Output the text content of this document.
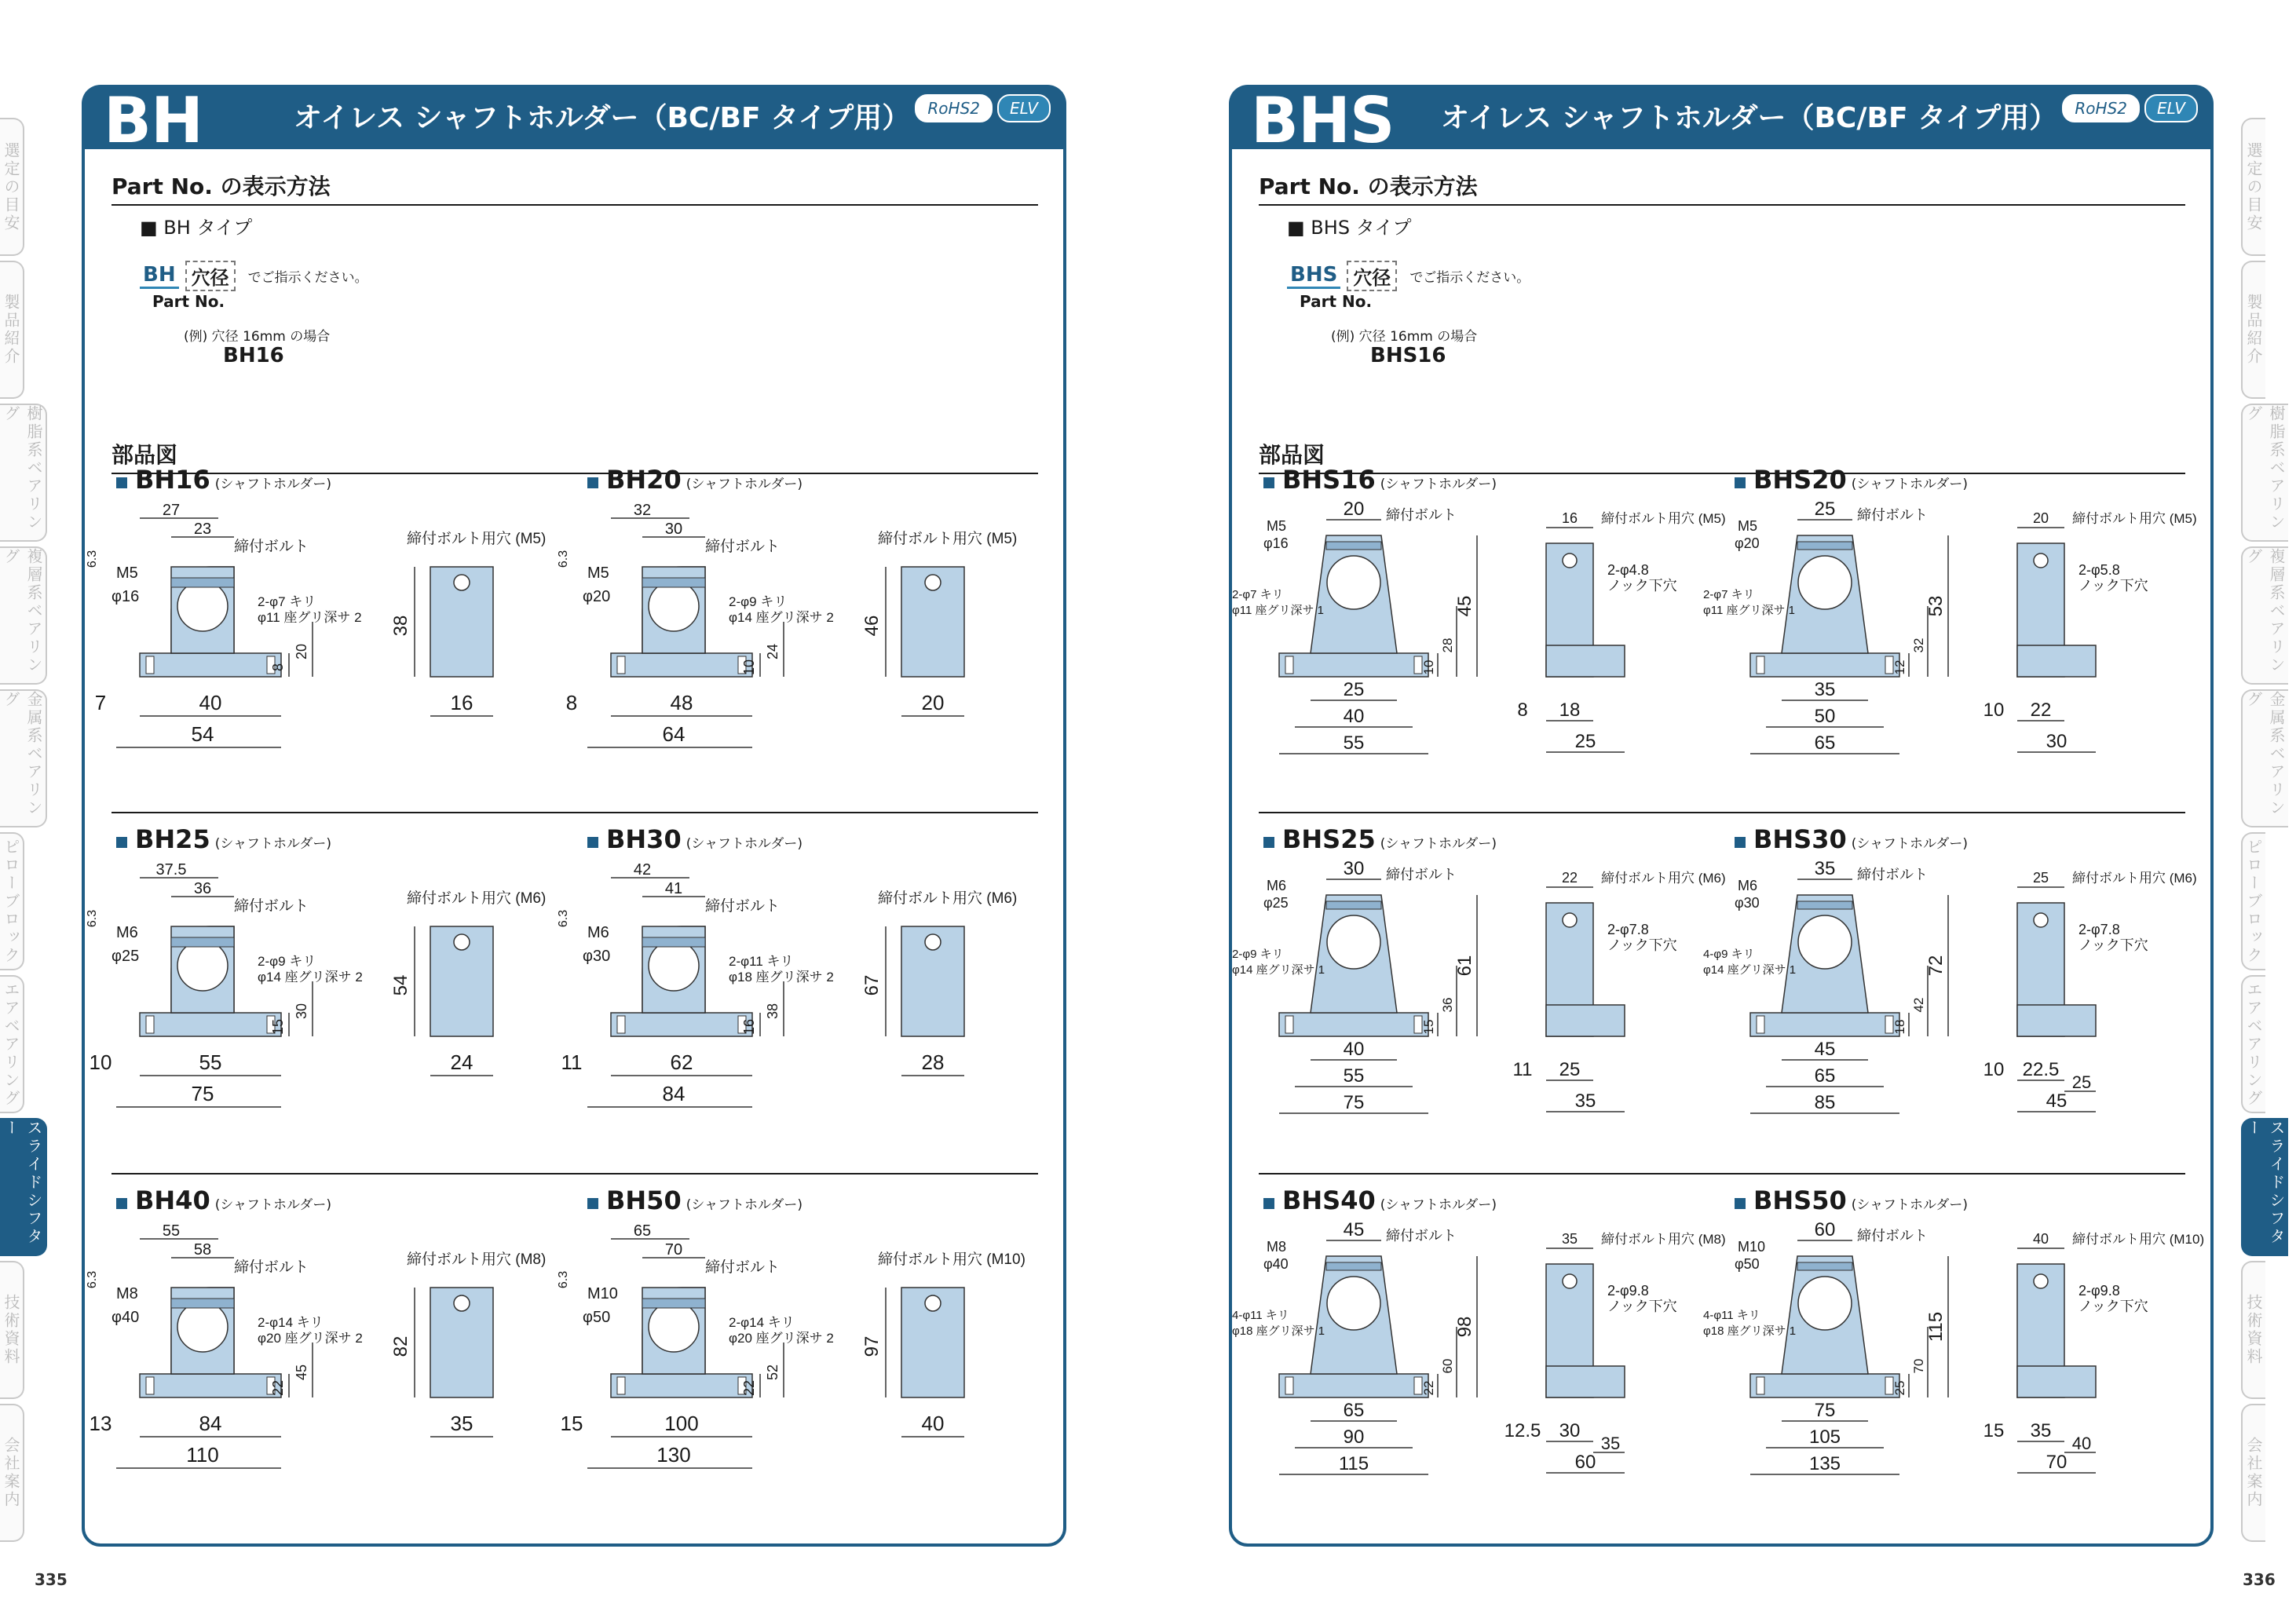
選定の目安
製品紹介
樹脂系ベアリング
複層系ベアリング
金属系ベアリング
ピローブロック
エアベアリング
スライドシフター
技術資料
会社案内
選定の目安
製品紹介
樹脂系ベアリング
複層系ベアリング
金属系ベアリング
ピローブロック
エアベアリング
スライドシフター
技術資料
会社案内
335	336
BH	オイレス シャフトホルダー（BC/BF タイプ用）	RoHS2	ELV
Part No. の表示方法
■ BH タイプ
BH 穴径	でご指示ください。
Part No.
(例) 穴径 16mm の場合
BH16
部品図
BH16 (シャフトホルダー)
6.3
27
23
M5
φ16
締付ボルト
2-φ7 キリ
φ11 座グリ深サ 2
8
20
40
54
7
締付ボルト用穴 (M5)
38
16
BH20 (シャフトホルダー)
6.3
32
30
M5
φ20
締付ボルト
2-φ9 キリ
φ14 座グリ深サ 2
10
24
48
64
8
締付ボルト用穴 (M5)
46
20
BH25 (シャフトホルダー)
6.3
37.5
36
M6
φ25
締付ボルト
2-φ9 キリ
φ14 座グリ深サ 2
15
30
55
75
10
締付ボルト用穴 (M6)
54
24
BH30 (シャフトホルダー)
6.3
42
41
M6
φ30
締付ボルト
2-φ11 キリ
φ18 座グリ深サ 2
16
38
62
84
11
締付ボルト用穴 (M6)
67
28
BH40 (シャフトホルダー)
6.3
55
58
M8
φ40
締付ボルト
2-φ14 キリ
φ20 座グリ深サ 2
22
45
84
110
13
締付ボルト用穴 (M8)
82
35
BH50 (シャフトホルダー)
6.3
65
70
M10
φ50
締付ボルト
2-φ14 キリ
φ20 座グリ深サ 2
22
52
100
130
15
締付ボルト用穴 (M10)
97
40
BHS オイレス シャフトホルダー（BC/BF タイプ用）	RoHS2	ELV
Part No. の表示方法
■ BHS タイプ
BHS 穴径	でご指示ください。
Part No.
(例) 穴径 16mm の場合
BHS16
部品図
BHS16 (シャフトホルダー)
20
M5
φ16
締付ボルト
2-φ7 キリ
φ11 座グリ深サ 1
10
28
45
25
40
55
16 締付ボルト用穴 (M5)
2-φ4.8
ノック下穴
8 18
25
BHS20 (シャフトホルダー)
25
M5
φ20
締付ボルト
2-φ7 キリ
φ11 座グリ深サ 1
12
32
53
35
50
65
20 締付ボルト用穴 (M5)
2-φ5.8
ノック下穴
10 22
30
BHS25 (シャフトホルダー)
30
M6
φ25
締付ボルト
2-φ9 キリ
φ14 座グリ深サ 1
15
36
61
40
55
75
22 締付ボルト用穴 (M6)
2-φ7.8
ノック下穴
11 25
35
BHS30 (シャフトホルダー)
35
M6
φ30
締付ボルト
4-φ9 キリ
φ14 座グリ深サ 1
18
42
72
45
65
85
25 締付ボルト用穴 (M6)
2-φ7.8
ノック下穴
10 22.5
25
45
BHS40 (シャフトホルダー)
45
M8
φ40
締付ボルト
4-φ11 キリ
φ18 座グリ深サ 1
22
60
98
65
90
115
35 締付ボルト用穴 (M8)
2-φ9.8
ノック下穴
12.5 30
35
60
BHS50 (シャフトホルダー)
60
M10
φ50
締付ボルト
4-φ11 キリ
φ18 座グリ深サ 1
25
70
115
75
105
135
40 締付ボルト用穴 (M10)
2-φ9.8
ノック下穴
15 35
40
70
